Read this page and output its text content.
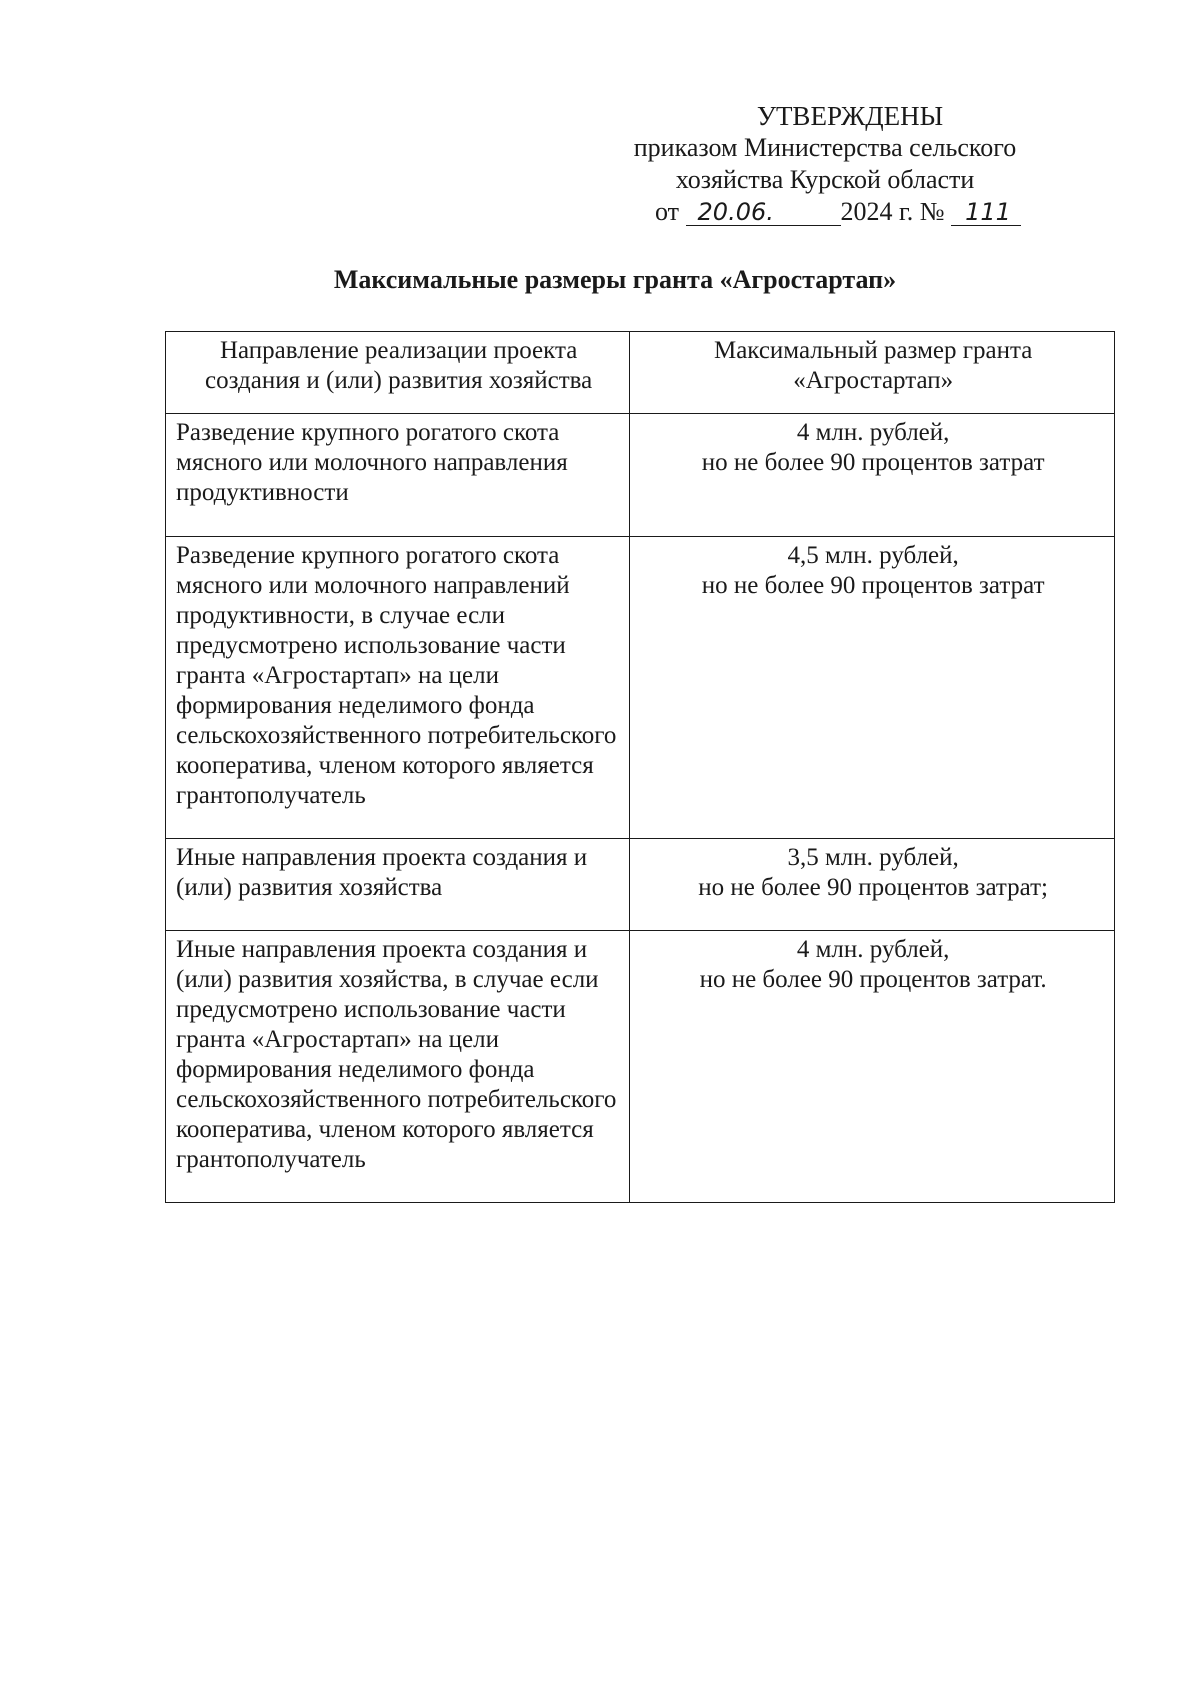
УТВЕРЖДЕНЫ
приказом Министерства сельского
хозяйства Курской области
от 20.06.	2024 г. № 111
Максимальные размеры гранта «Агростартап»
Направление реализации проекта создания и (или) развития хозяйства	Максимальный размер гранта «Агростартап»
Разведение крупного рогатого скота мясного или молочного направления продуктивности	4 млн. рублей,
но не более 90 процентов затрат

Разведение крупного рогатого скота мясного или молочного направлений продуктивности, в случае если предусмотрено использование части гранта «Агростартап» на цели формирования неделимого фонда сельскохозяйственного потребительского кооператива, членом которого является грантополучатель	4,5 млн. рублей,
но не более 90 процентов затрат

Иные направления проекта создания и (или) развития хозяйства	3,5 млн. рублей,
но не более 90 процентов затрат;

Иные направления проекта создания и (или) развития хозяйства, в случае если предусмотрено использование части гранта «Агростартап» на цели формирования неделимого фонда сельскохозяйственного потребительского кооператива, членом которого является грантополучатель	4 млн. рублей,
но не более 90 процентов затрат.
